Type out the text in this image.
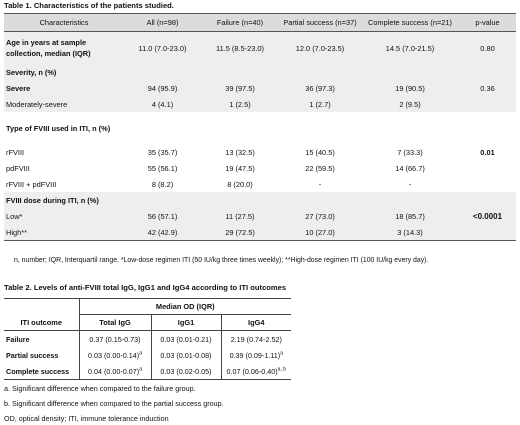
Table 1. Characteristics of the patients studied.
Characteristics	All (n=98)	Failure (n=40)	Partial success (n=37)	Complete success (n=21)	p-value
Age in years at sample collection, median (IQR)	11.0 (7.0-23.0)	11.5 (8.5-23.0)	12.0 (7.0-23.5)	14.5 (7.0-21.5)	0.80
Severity, n (%)					0.36
Severe	94 (95.9)	39 (97.5)	36 (97.3)	19 (90.5)	
Moderately-severe	4 (4.1)	1 (2.5)	1 (2.7)	2 (9.5)	
Type of FVIII used in ITI, n (%)					0.01
rFVIII	35 (35.7)	13 (32.5)	15 (40.5)	7 (33.3)	
pdFVIII	55 (56.1)	19 (47.5)	22 (59.5)	14 (66.7)	
rFVIII + pdFVIII	8 (8.2)	8 (20.0)	-	-	
FVIII dose during ITI, n (%)					<0.0001
Low*	56 (57.1)	11 (27.5)	27 (73.0)	18 (85.7)	
High**	42 (42.9)	29 (72.5)	10 (27.0)	3 (14.3)	
n, number; IQR, Interquartil range. *Low-dose regimen ITI (50 IU/kg three times weekly); **High-dose regimen ITI (100 IU/kg every day).
Table 2. Levels of anti-FVIII total IgG, IgG1 and IgG4 according to ITI outcomes
	Median OD (IQR)		
ITI outcome	Total IgG	IgG1	IgG4
Failure	0.37 (0.15-0.73)	0.03 (0.01-0.21)	2.19 (0.74-2.52)
Partial success	0.03 $(0.00-0.14)^a$	0.03 (0.01-0.08)	0.39 $(0.09-1.11)^a$
Complete success	0.04 $(0.00-0.07)^a$	0.03 (0.02-0.05)	0.07 $(0.06-0.40)^{a, b}$
a. Significant difference when compared to the failure group.
b. Significant difference when compared to the partial success group.
OD, optical density; ITI, immune tolerance induction
